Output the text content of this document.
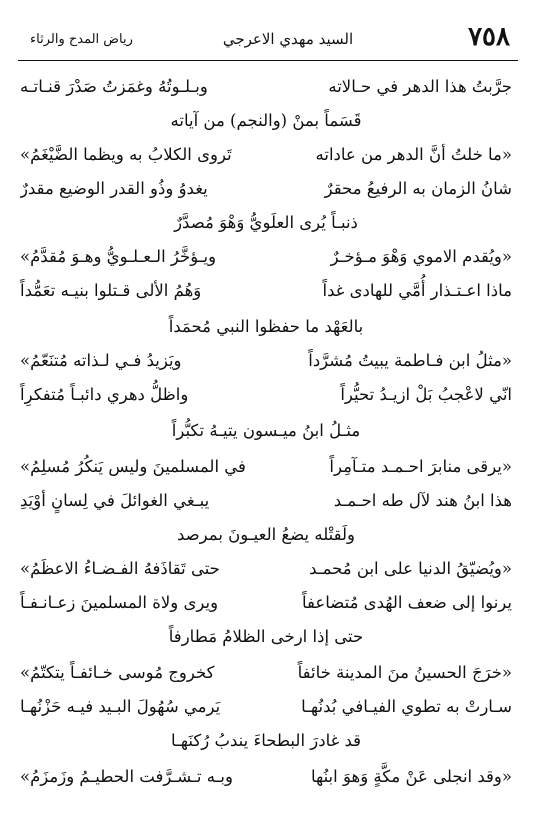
٧٥٨
السيد مهدي الاعرجي
رياض المدح والرثاء
جرَّبتُ هذا الدهر في حـالاته
وبـلـوتُهُ وغمَزتُ صَدْرَ قنـاتـه
قَسَماً بمنْ (والنجم) من آياته
«ما خلتُ أنَّ الدهر من عاداته
تَروى الكلابُ به ويظما الضَّيْغَمُ»
شانُ الزمان به الرفيعُ محقرٌ
يغدوُ وذُو القدر الوضيع مقدرٌ
ذنبـاً يُرى العلَويُّ وَهْوَ مُصدَّرٌ
«ويُقدم الاموي وَهْوَ مـؤخـرٌ
ويـؤخَّرُ الـعـلـويُّ وهـوَ مُقدَّمُ»
ماذا اعـتـذار أُمَّي للهادى غداً
وَهُمُ الألى قـتلوا بنيـه تعَمُّداً
بالعَهْد ما حفظوا النبي مُحمَداً
«مثلُ ابن فـاطمة يبيتُ مُشرَّداً
ويَزيدُ فـي لـذاته مُتنَعّمُ»
انّي لاعْجبُ بَلْ ازيـدُ تحيُّراً
واظلُّ دهري دائبـاً مُتفكرِاً
مثـلُ ابنُ ميـسون يتيـهُ تكبُّراً
«يرقى منابرَ احـمـد متـآمِراً
في المسلمينَ وليس يَنكُرُ مُسلِمُ»
هذا ابنُ هند لآل طه احـمـد
يبـغي الغوائلَ في لِسانٍ أوْيَدِ
ولَقتْله يضعُ العيـونَ بمرصد
«ويُضيّقُ الدنيا على ابن مُحمـد
حتى تَقاذَفهُ الفـضـاءُ الاعظَمُ»
يرنوا إلى ضعف الهُدى مُتضاعفاً
ويرى ولاة المسلمينَ زعـانـفـاً
حتى إذا ارخى الظلامُ مَطارفاً
«خرَجَ الحسينُ منَ المدينة خائفاً
كخروج مُوسى خـائفـاً يتكتّمُ»
سـارتْ به تطوي الفيـافي بُدنُهـا
يَرمي سُهُولَ البـيد فيـه حَزْنُهـا
قد غادرَ البطحاءَ يندبُ رُكنَهـا
«وقد انجلى عَنْ مكَّةٍ وَهوَ ابنُها
وبـه تـشـرَّفت الحطيـمُ وزَمزَمُ»
